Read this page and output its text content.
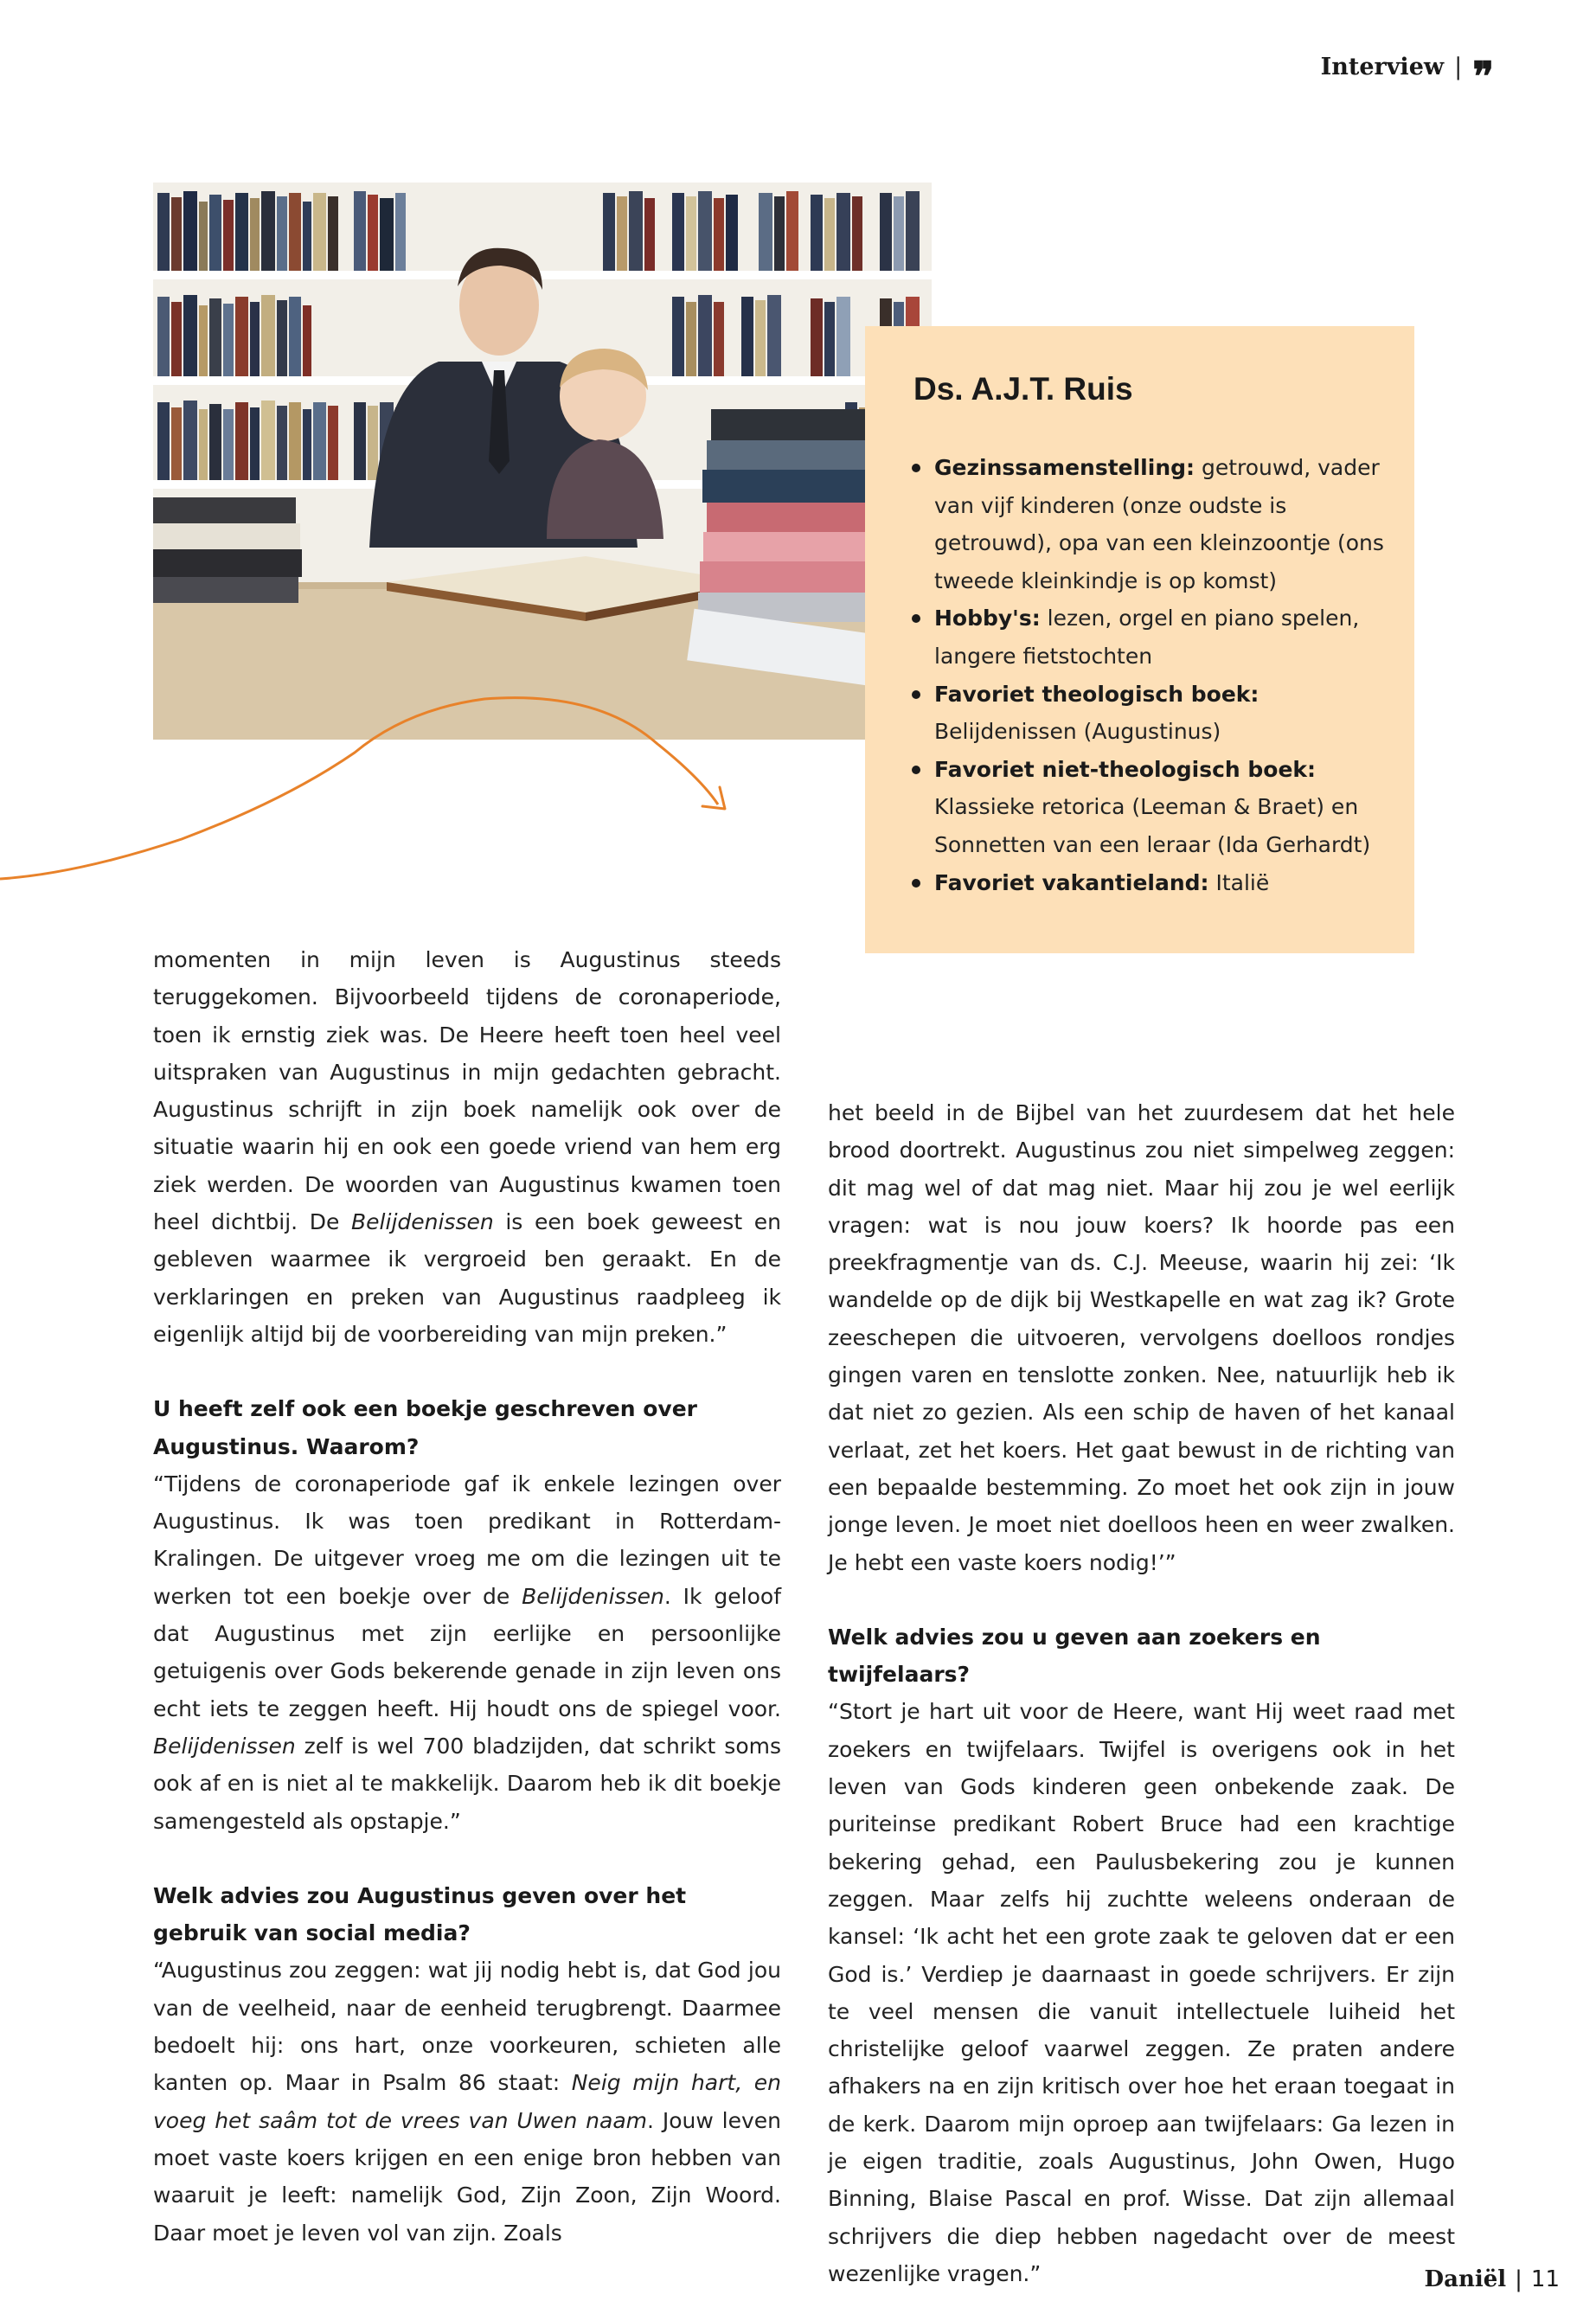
Interview | ❞
Ds. A.J.T. Ruis
Gezinssamenstelling: getrouwd, vader van vijf kinderen (onze oudste is getrouwd), opa van een kleinzoontje (ons tweede kleinkindje is op komst)
Hobby's: lezen, orgel en piano spelen, langere fietstochten
Favoriet theologisch boek: Belijdenissen (Augustinus)
Favoriet niet-theologisch boek: Klassieke retorica (Leeman & Braet) en Sonnetten van een leraar (Ida Gerhardt)
Favoriet vakantieland: Italië

momenten in mijn leven is Augustinus steeds teruggekomen. Bijvoorbeeld tijdens de coronaperiode, toen ik ernstig ziek was. De Heere heeft toen heel veel uitspraken van Augustinus in mijn gedachten gebracht. Augustinus schrijft in zijn boek namelijk ook over de situatie waarin hij en ook een goede vriend van hem erg ziek werden. De woorden van Augustinus kwamen toen heel dichtbij. De Belijdenissen is een boek geweest en gebleven waarmee ik vergroeid ben geraakt. En de verklaringen en preken van Augustinus raadpleeg ik eigenlijk altijd bij de voorbereiding van mijn preken.”

U heeft zelf ook een boekje geschreven over Augustinus. Waarom?

“Tijdens de coronaperiode gaf ik enkele lezingen over Augustinus. Ik was toen predikant in Rotterdam-Kralingen. De uitgever vroeg me om die lezingen uit te werken tot een boekje over de Belijdenissen. Ik geloof dat Augustinus met zijn eerlijke en persoonlijke getuigenis over Gods bekerende genade in zijn leven ons echt iets te zeggen heeft. Hij houdt ons de spiegel voor. Belijdenissen zelf is wel 700 bladzijden, dat schrikt soms ook af en is niet al te makkelijk. Daarom heb ik dit boekje samengesteld als opstapje.”

Welk advies zou Augustinus geven over het gebruik van social media?

“Augustinus zou zeggen: wat jij nodig hebt is, dat God jou van de veelheid, naar de eenheid terugbrengt. Daarmee bedoelt hij: ons hart, onze voorkeuren, schieten alle kanten op. Maar in Psalm 86 staat: Neig mijn hart, en voeg het saâm tot de vrees van Uwen naam. Jouw leven moet vaste koers krijgen en een enige bron hebben van waaruit je leeft: namelijk God, Zijn Zoon, Zijn Woord. Daar moet je leven vol van zijn. Zoals

het beeld in de Bijbel van het zuurdesem dat het hele brood doortrekt. Augustinus zou niet simpelweg zeggen: dit mag wel of dat mag niet. Maar hij zou je wel eerlijk vragen: wat is nou jouw koers? Ik hoorde pas een preekfragmentje van ds. C.J. Meeuse, waarin hij zei: ‘Ik wandelde op de dijk bij Westkapelle en wat zag ik? Grote zeeschepen die uitvoeren, vervolgens doelloos rondjes gingen varen en tenslotte zonken. Nee, natuurlijk heb ik dat niet zo gezien. Als een schip de haven of het kanaal verlaat, zet het koers. Het gaat bewust in de richting van een bepaalde bestemming. Zo moet het ook zijn in jouw jonge leven. Je moet niet doelloos heen en weer zwalken. Je hebt een vaste koers nodig!’”

Welk advies zou u geven aan zoekers en twijfelaars?

“Stort je hart uit voor de Heere, want Hij weet raad met zoekers en twijfelaars. Twijfel is overigens ook in het leven van Gods kinderen geen onbekende zaak. De puriteinse predikant Robert Bruce had een krachtige bekering gehad, een Paulusbekering zou je kunnen zeggen. Maar zelfs hij zuchtte weleens onderaan de kansel: ‘Ik acht het een grote zaak te geloven dat er een God is.’ Verdiep je daarnaast in goede schrijvers. Er zijn te veel mensen die vanuit intellectuele luiheid het christelijke geloof vaarwel zeggen. Ze praten andere afhakers na en zijn kritisch over hoe het eraan toegaat in de kerk. Daarom mijn oproep aan twijfelaars: Ga lezen in je eigen traditie, zoals Augustinus, John Owen, Hugo Binning, Blaise Pascal en prof. Wisse. Dat zijn allemaal schrijvers die diep hebben nagedacht over de meest wezenlijke vragen.”	Daniël | 11
